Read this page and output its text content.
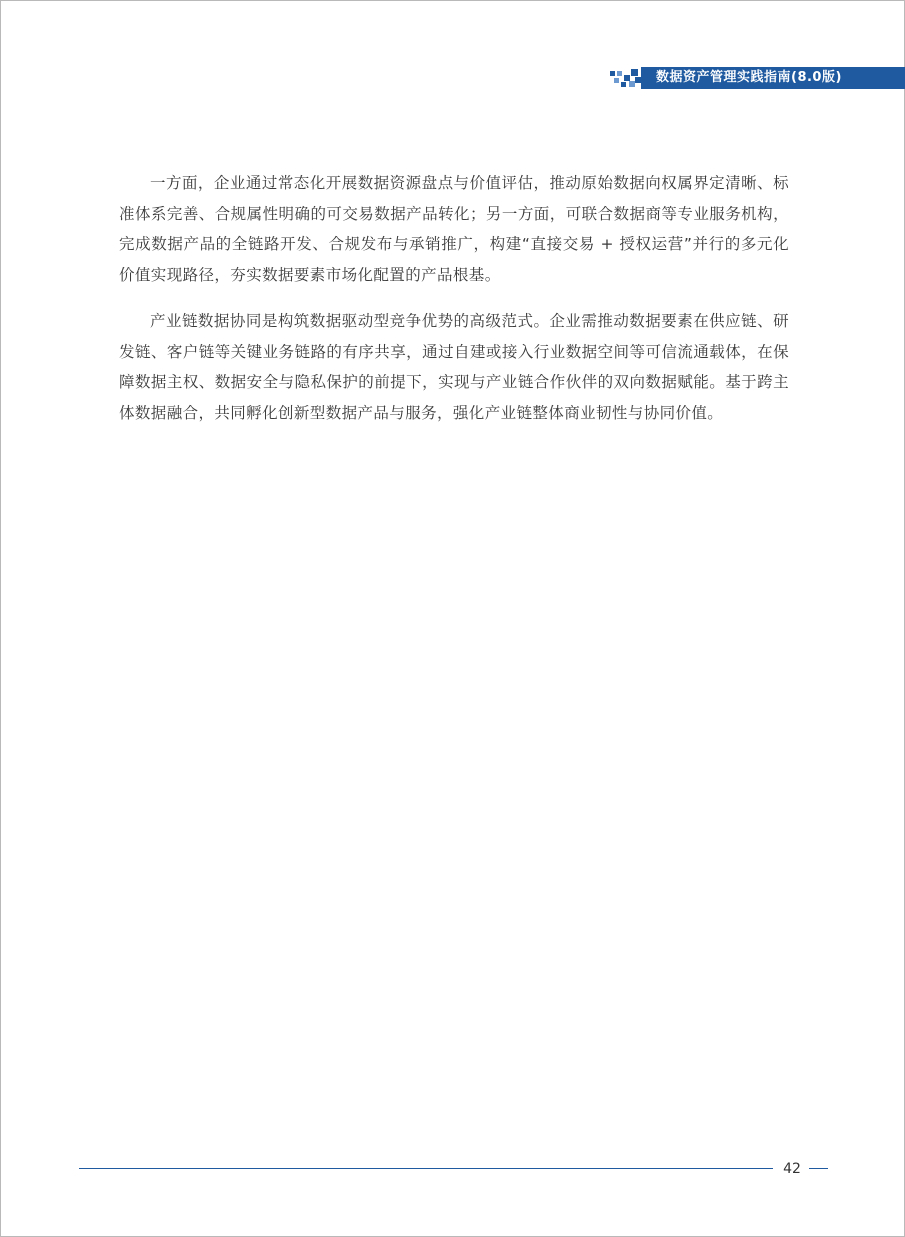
数据资产管理实践指南(8.0版)

一方面，企业通过常态化开展数据资源盘点与价值评估，推动原始数据向权属界定清晰、标准体系完善、合规属性明确的可交易数据产品转化；另一方面，可联合数据商等专业服务机构，完成数据产品的全链路开发、合规发布与承销推广，构建“直接交易 + 授权运营”并行的多元化价值实现路径，夯实数据要素市场化配置的产品根基。

产业链数据协同是构筑数据驱动型竞争优势的高级范式。企业需推动数据要素在供应链、研发链、客户链等关键业务链路的有序共享，通过自建或接入行业数据空间等可信流通载体，在保障数据主权、数据安全与隐私保护的前提下，实现与产业链合作伙伴的双向数据赋能。基于跨主体数据融合，共同孵化创新型数据产品与服务，强化产业链整体商业韧性与协同价值。

42
